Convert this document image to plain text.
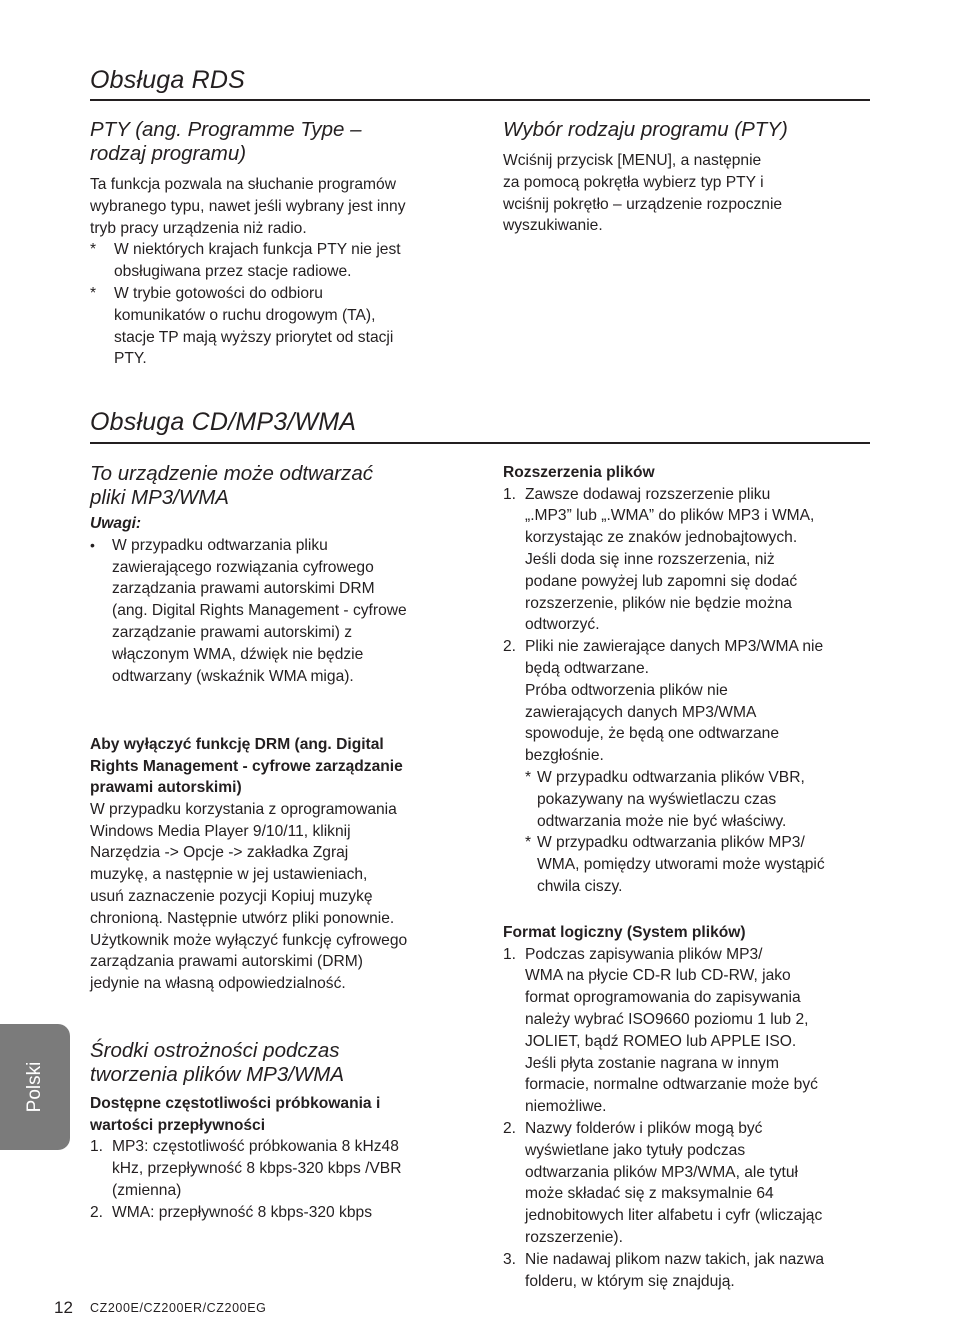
Obsługa RDS
PTY (ang. Programme Type –
rodzaj programu)

Ta funkcja pozwala na słuchanie programów

wybranego typu, nawet jeśli wybrany jest inny

tryb pracy urządzenia niż radio.

*	W niektórych krajach funkcja PTY nie jest

obsługiwana przez stacje radiowe.

*	W trybie gotowości do odbioru

komunikatów o ruchu drogowym (TA),

stacje TP mają wyższy priorytet od stacji

PTY.

Wybór rodzaju programu (PTY)

Wciśnij przycisk [MENU], a następnie

za pomocą pokrętła wybierz typ PTY i

wciśnij pokrętło – urządzenie rozpocznie

wyszukiwanie.

Obsługa CD/MP3/WMA
To urządzenie może odtwarzać
pliki MP3/WMA
Uwagi:
•	W przypadku odtwarzania pliku

zawierającego rozwiązania cyfrowego

zarządzania prawami autorskimi DRM

(ang. Digital Rights Management - cyfrowe

zarządzanie prawami autorskimi) z

włączonym WMA, dźwięk nie będzie

odtwarzany (wskaźnik WMA miga).

Aby wyłączyć funkcję DRM (ang. Digital
Rights Management - cyfrowe zarządzanie
prawami autorskimi)

W przypadku korzystania z oprogramowania

Windows Media Player 9/10/11, kliknij

Narzędzia -> Opcje -> zakładka Zgraj

muzykę, a następnie w jej ustawieniach,

usuń zaznaczenie pozycji Kopiuj muzykę

chronioną. Następnie utwórz pliki ponownie.

Użytkownik może wyłączyć funkcję cyfrowego

zarządzania prawami autorskimi (DRM)

jedynie na własną odpowiedzialność.

Środki ostrożności podczas
tworzenia plików MP3/WMA
Dostępne częstotliwości próbkowania i
wartości przepływności
1. MP3: częstotliwość próbkowania 8 kHz48

kHz, przepływność 8 kbps-320 kbps /VBR

(zmienna)

2. WMA: przepływność 8 kbps-320 kbps

Rozszerzenia plików
1. Zawsze dodawaj rozszerzenie pliku

„.MP3” lub „.WMA” do plików MP3 i WMA,

korzystając ze znaków jednobajtowych.

Jeśli doda się inne rozszerzenia, niż

podane powyżej lub zapomni się dodać

rozszerzenie, plików nie będzie można

odtworzyć.

2. Pliki nie zawierające danych MP3/WMA nie

będą odtwarzane.

Próba odtworzenia plików nie

zawierających danych MP3/WMA

spowoduje, że będą one odtwarzane

bezgłośnie.

* W przypadku odtwarzania plików VBR,

pokazywany na wyświetlaczu czas

odtwarzania może nie być właściwy.

* W przypadku odtwarzania plików MP3/

WMA, pomiędzy utworami może wystąpić

chwila ciszy.

Format logiczny (System plików)
1. Podczas zapisywania plików MP3/

WMA na płycie CD-R lub CD-RW, jako

format oprogramowania do zapisywania

należy wybrać ISO9660 poziomu 1 lub 2,

JOLIET, bądź ROMEO lub APPLE ISO.

Jeśli płyta zostanie nagrana w innym

formacie, normalne odtwarzanie może być

niemożliwe.

2. Nazwy folderów i plików mogą być

wyświetlane jako tytuły podczas

odtwarzania plików MP3/WMA, ale tytuł

może składać się z maksymalnie 64

jednobitowych liter alfabetu i cyfr (wliczając

rozszerzenie).

3. Nie nadawaj plikom nazw takich, jak nazwa

folderu, w którym się znajdują.

Polski
12 CZ200E/CZ200ER/CZ200EG
